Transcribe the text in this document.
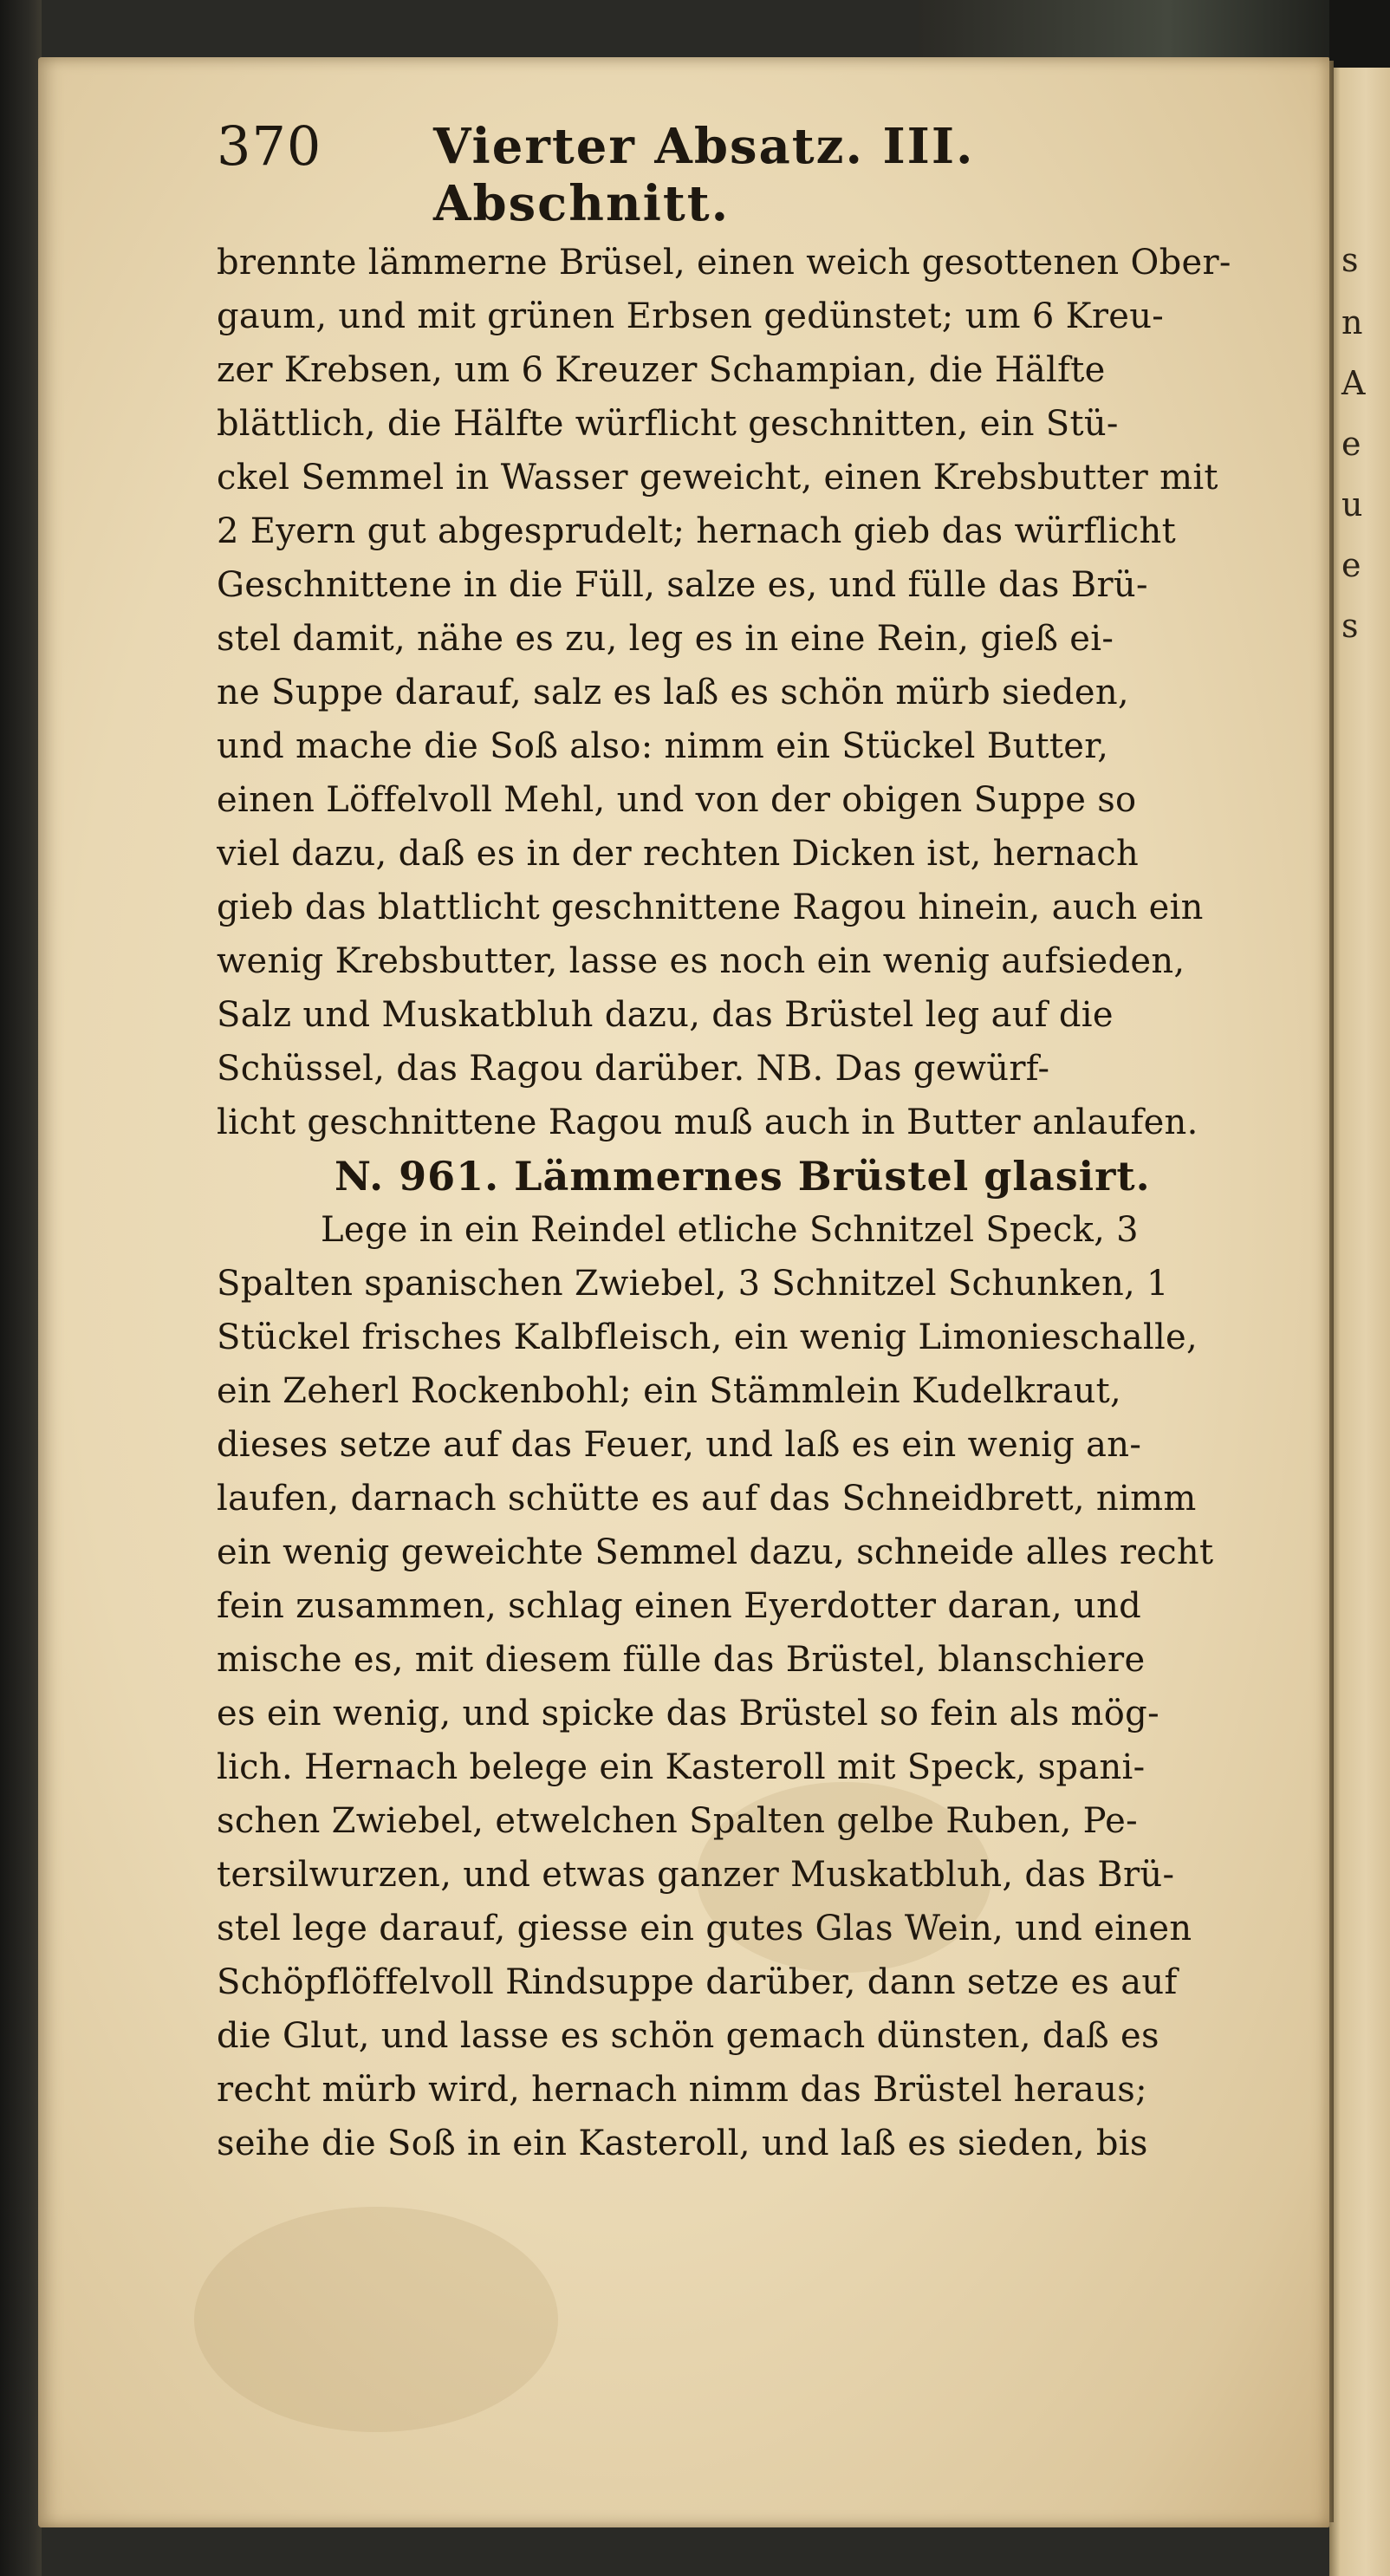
s
n
A
e
u
e
s
370 Vierter Absatz. III. Abschnitt.
brennte lämmerne Brüsel, einen weich gesottenen Ober-
gaum, und mit grünen Erbsen gedünstet; um 6 Kreu-
zer Krebsen, um 6 Kreuzer Schampian, die Hälfte
blättlich, die Hälfte würflicht geschnitten, ein Stü-
ckel Semmel in Wasser geweicht, einen Krebsbutter mit
2 Eyern gut abgesprudelt; hernach gieb das würflicht
Geschnittene in die Füll, salze es, und fülle das Brü-
stel damit, nähe es zu, leg es in eine Rein, gieß ei-
ne Suppe darauf, salz es laß es schön mürb sieden,
und mache die Soß also: nimm ein Stückel Butter,
einen Löffelvoll Mehl, und von der obigen Suppe so
viel dazu, daß es in der rechten Dicken ist, hernach
gieb das blattlicht geschnittene Ragou hinein, auch ein
wenig Krebsbutter, lasse es noch ein wenig aufsieden,
Salz und Muskatbluh dazu, das Brüstel leg auf die
Schüssel, das Ragou darüber. NB. Das gewürf-
licht geschnittene Ragou muß auch in Butter anlaufen.
N. 961. Lämmernes Brüstel glasirt.
Lege in ein Reindel etliche Schnitzel Speck, 3
Spalten spanischen Zwiebel, 3 Schnitzel Schunken, 1
Stückel frisches Kalbfleisch, ein wenig Limonieschalle,
ein Zeherl Rockenbohl; ein Stämmlein Kudelkraut,
dieses setze auf das Feuer, und laß es ein wenig an-
laufen, darnach schütte es auf das Schneidbrett, nimm
ein wenig geweichte Semmel dazu, schneide alles recht
fein zusammen, schlag einen Eyerdotter daran, und
mische es, mit diesem fülle das Brüstel, blanschiere
es ein wenig, und spicke das Brüstel so fein als mög-
lich. Hernach belege ein Kasteroll mit Speck, spani-
schen Zwiebel, etwelchen Spalten gelbe Ruben, Pe-
tersilwurzen, und etwas ganzer Muskatbluh, das Brü-
stel lege darauf, giesse ein gutes Glas Wein, und einen
Schöpflöffelvoll Rindsuppe darüber, dann setze es auf
die Glut, und lasse es schön gemach dünsten, daß es
recht mürb wird, hernach nimm das Brüstel heraus;
seihe die Soß in ein Kasteroll, und laß es sieden, bis
